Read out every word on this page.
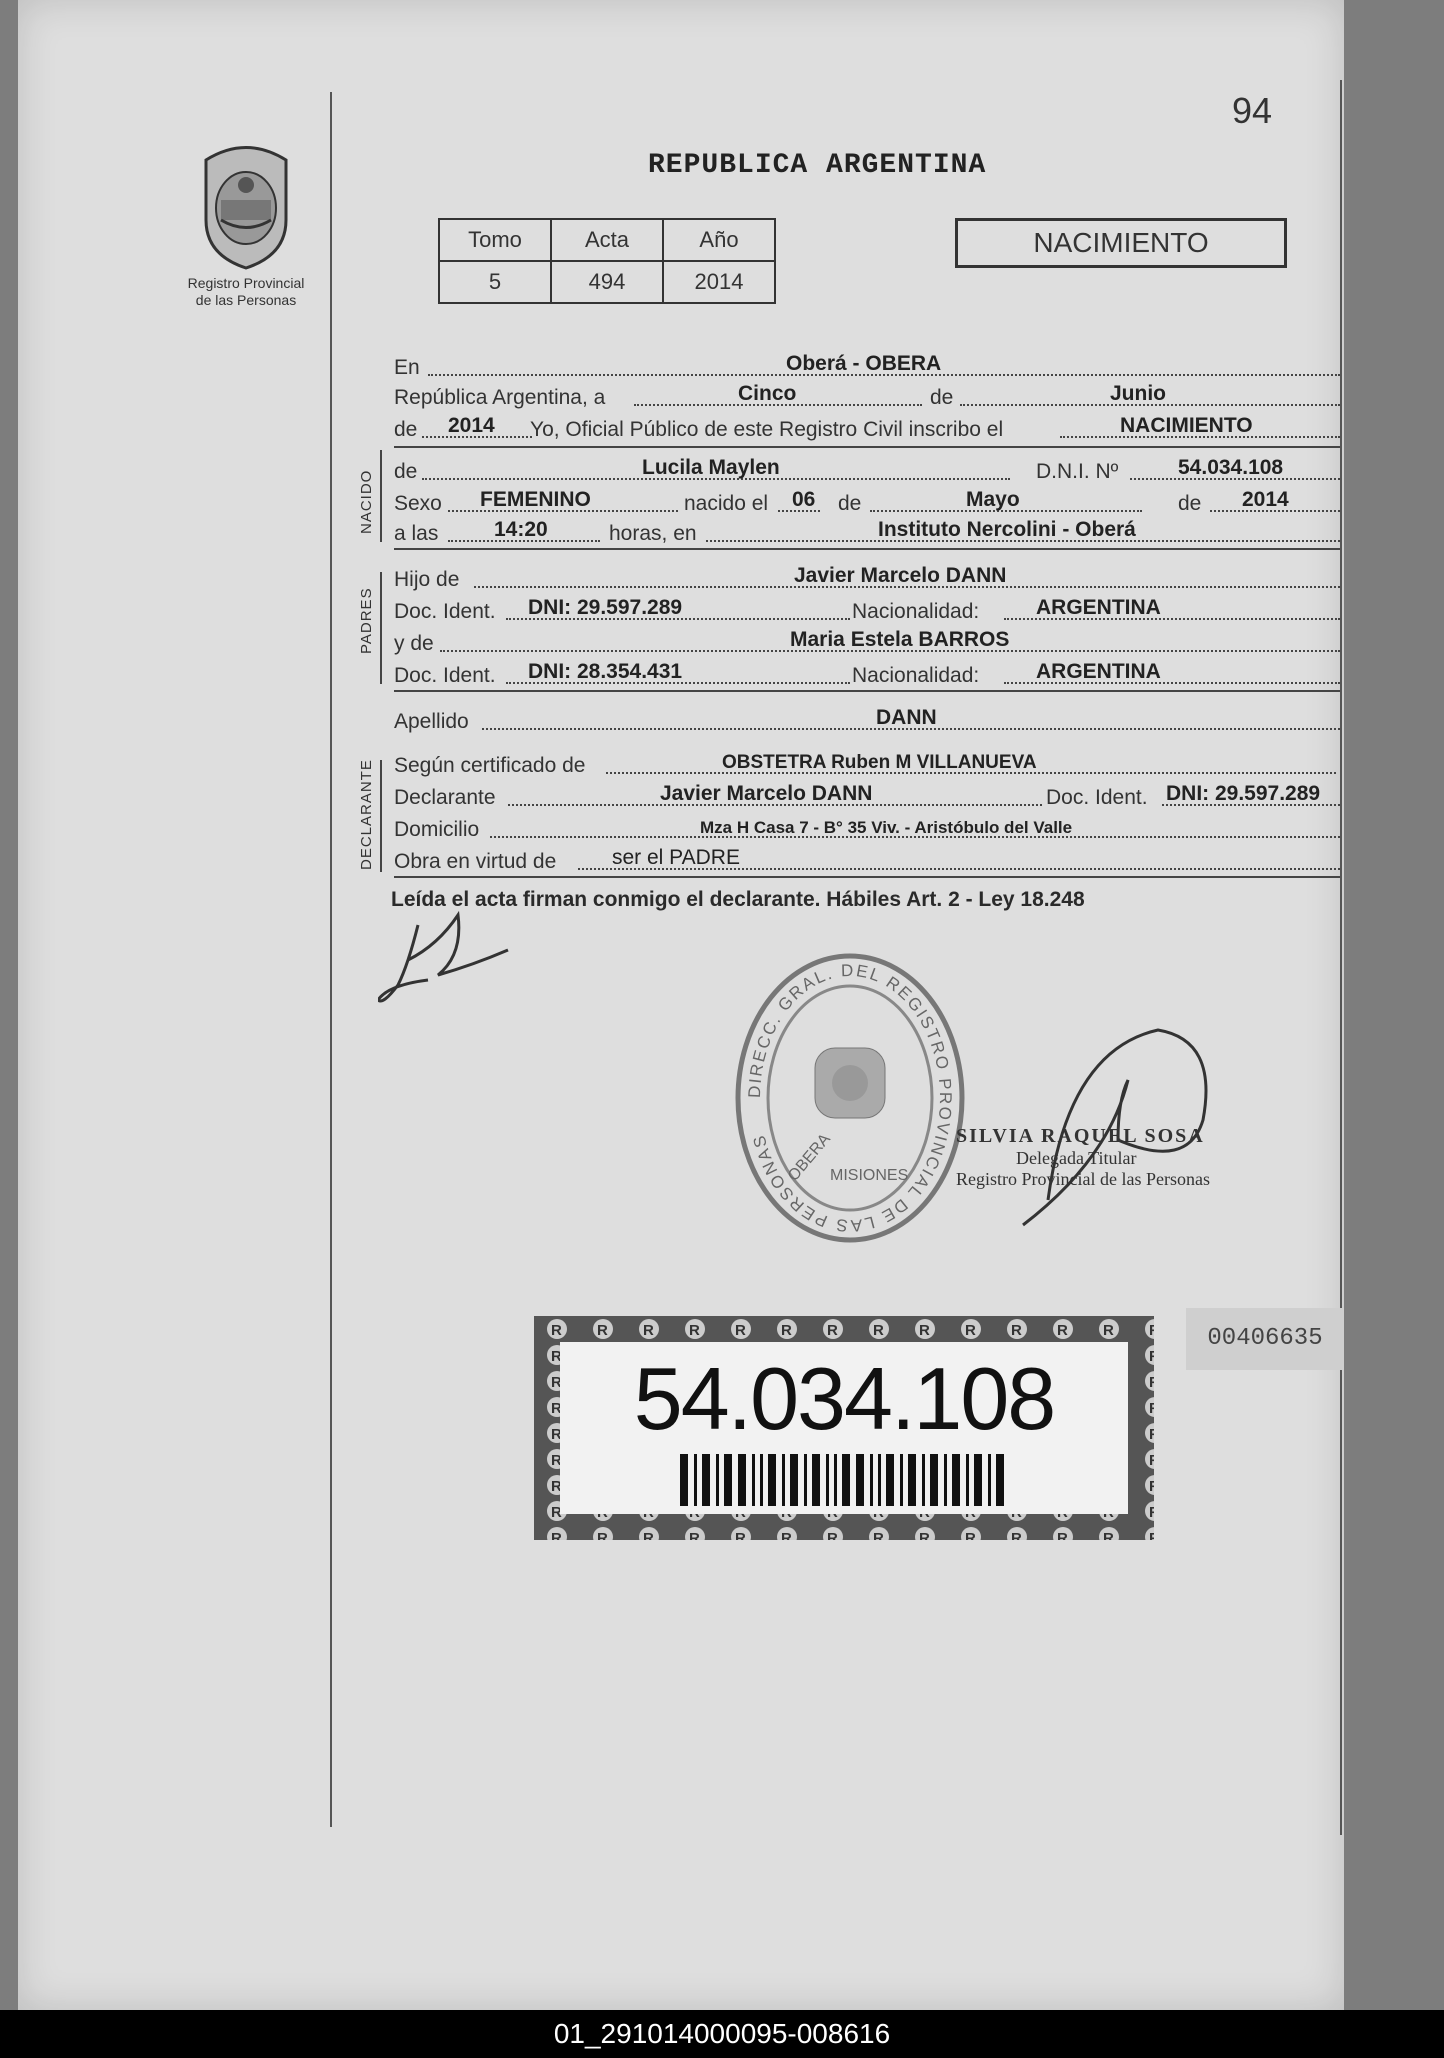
94
Registro Provincial
de las Personas
REPUBLICA ARGENTINA
Tomo	Acta	Año
5	494	2014
NACIMIENTO
En	Oberá - OBERA
República Argentina, a	Cinco	de	Junio
de 2014 Yo, Oficial Público de este Registro Civil inscribo el	NACIMIENTO
NACIDO de	Lucila Maylen	D.N.I. Nº	54.034.108
Sexo FEMENINO	nacido el 06 de	Mayo	de 2014
a las	14:20	horas, en	Instituto Nercolini - Oberá
PADRES
Hijo de	Javier Marcelo DANN
Doc. Ident. DNI: 29.597.289	Nacionalidad:	ARGENTINA
y de	Maria Estela BARROS
Doc. Ident. DNI: 28.354.431	Nacionalidad:	ARGENTINA
Apellido	DANN
DECLARANTE Según certificado de	OBSTETRA Ruben M VILLANUEVA
Declarante	Javier Marcelo DANN	Doc. Ident. DNI: 29.597.289
Domicilio	Mza H Casa 7 - B° 35 Viv. - Aristóbulo del Valle
Obra en virtud de	ser el PADRE
Leída el acta firman conmigo el declarante. Hábiles Art. 2 - Ley 18.248
DIRECC. GRAL. DEL REGISTRO PROVINCIAL DE LAS PERSONAS OBERA
MISIONES
SILVIA RAQUEL SOSA
Delegada Titular
Registro Provincial de las Personas
54.034.108
00406635
01_291014000095-008616
